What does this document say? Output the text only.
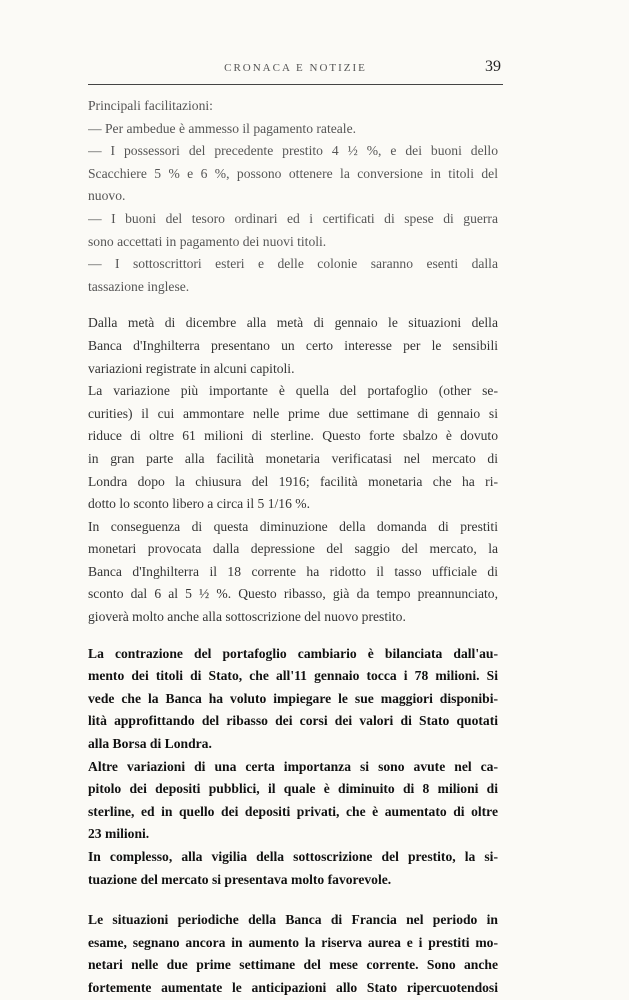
CRONACA E NOTIZIE	39
Principali facilitazioni:
— Per ambedue è ammesso il pagamento rateale.
— I possessori del precedente prestito 4 ½ %, e dei buoni dello
Scacchiere 5 % e 6 %, possono ottenere la conversione in titoli del
nuovo.
— I buoni del tesoro ordinari ed i certificati di spese di guerra
sono accettati in pagamento dei nuovi titoli.
— I sottoscrittori esteri e delle colonie saranno esenti dalla
tassazione inglese.
Dalla metà di dicembre alla metà di gennaio le situazioni della
Banca d'Inghilterra presentano un certo interesse per le sensibili
variazioni registrate in alcuni capitoli.
La variazione più importante è quella del portafoglio (other se-
curities) il cui ammontare nelle prime due settimane di gennaio si
riduce di oltre 61 milioni di sterline. Questo forte sbalzo è dovuto
in gran parte alla facilità monetaria verificatasi nel mercato di
Londra dopo la chiusura del 1916; facilità monetaria che ha ri-
dotto lo sconto libero a circa il 5 1/16 %.
In conseguenza di questa diminuzione della domanda di prestiti
monetari provocata dalla depressione del saggio del mercato, la
Banca d'Inghilterra il 18 corrente ha ridotto il tasso ufficiale di
sconto dal 6 al 5 ½ %. Questo ribasso, già da tempo preannunciato,
gioverà molto anche alla sottoscrizione del nuovo prestito.
La contrazione del portafoglio cambiario è bilanciata dall'au-
mento dei titoli di Stato, che all'11 gennaio tocca i 78 milioni. Si
vede che la Banca ha voluto impiegare le sue maggiori disponibi-
lità approfittando del ribasso dei corsi dei valori di Stato quotati
alla Borsa di Londra.
Altre variazioni di una certa importanza si sono avute nel ca-
pitolo dei depositi pubblici, il quale è diminuito di 8 milioni di
sterline, ed in quello dei depositi privati, che è aumentato di oltre
23 milioni.
In complesso, alla vigilia della sottoscrizione del prestito, la si-
tuazione del mercato si presentava molto favorevole.
Le situazioni periodiche della Banca di Francia nel periodo in
esame, segnano ancora in aumento la riserva aurea e i prestiti mo-
netari nelle due prime settimane del mese corrente. Sono anche
fortemente aumentate le anticipazioni allo Stato ripercuotendosi
